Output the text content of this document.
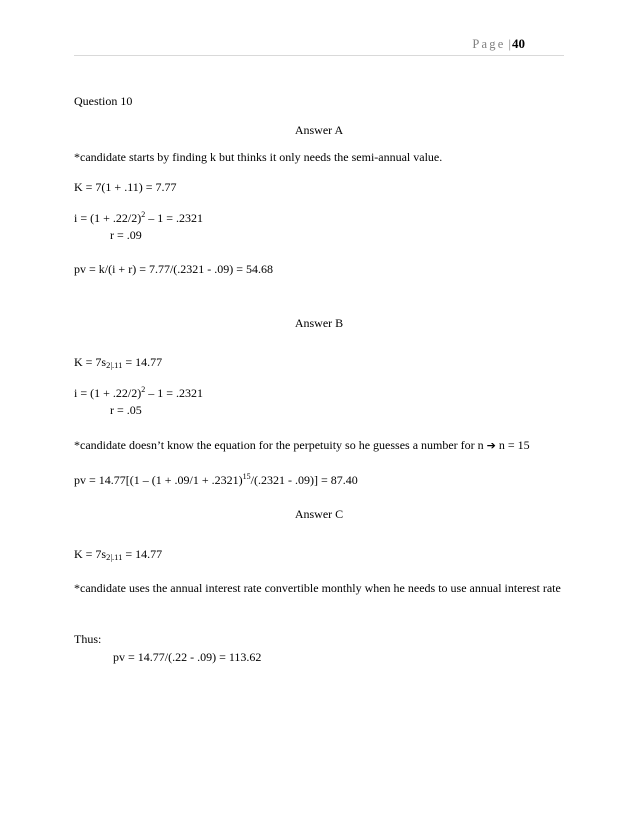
Page |40
Question 10
Answer A
*candidate starts by finding k but thinks it only needs the semi-annual value.
K = 7(1 + .11) = 7.77
$i = (1 + .22/2)^2 - 1 = .2321$
r = .09
pv = k/(i + r) = 7.77/(.2321 - .09) = 54.68
Answer B
$K = 7s_{2|.11} = 14.77$
$i = (1 + .22/2)^2 - 1 = .2321$
r = .05
*candidate doesn’t know the equation for the perpetuity so he guesses a number for n ➔ n = 15
pv = $14.77[(1 - (1 + .09/1 + .2321)^{15}/(.2321 - .09)] = 87.40$
Answer C
$K = 7s_{2|.11} = 14.77$
*candidate uses the annual interest rate convertible monthly when he needs to use annual interest rate
Thus:
pv = 14.77/(.22 - .09) = 113.62
